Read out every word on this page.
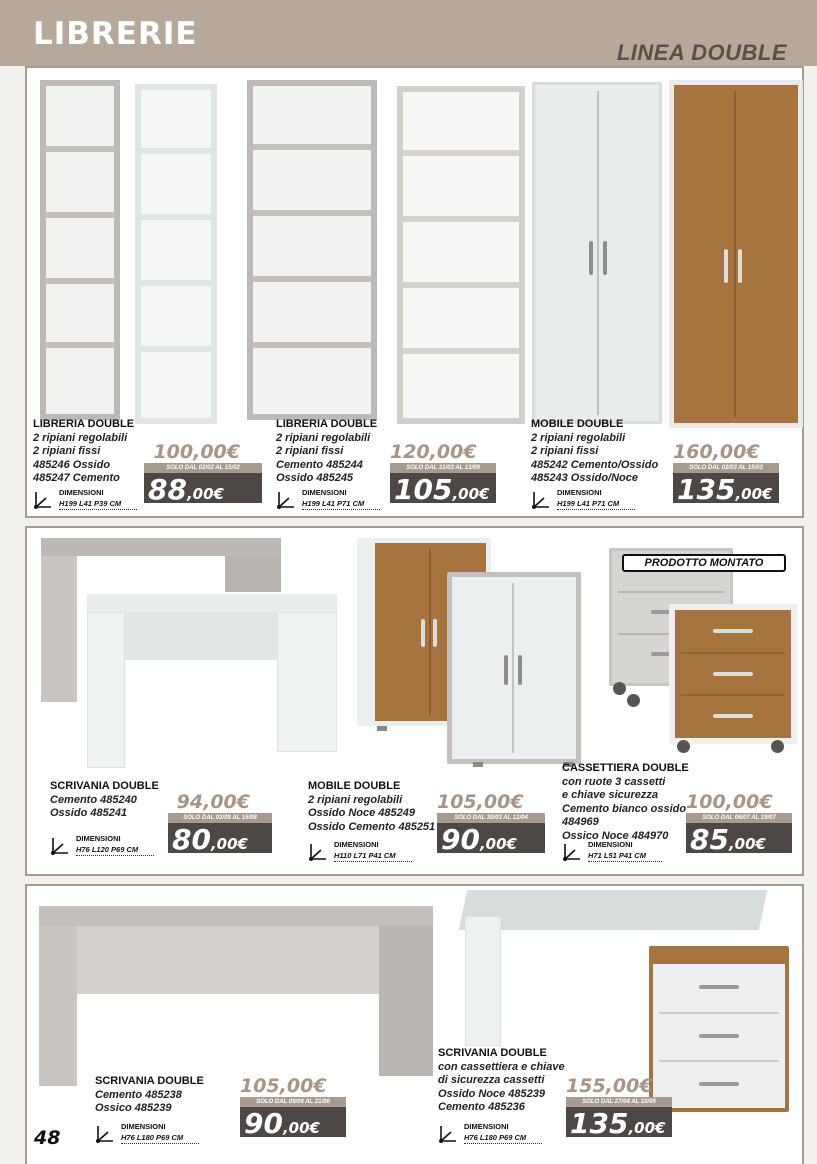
LIBRERIE
LINEA DOUBLE
LIBRERIA DOUBLE
2 ripiani regolabili
2 ripiani fissi
485246 Ossido
485247 Cemento
DIMENSIONI
H199 L41 P39 CM
100,00€
SOLO DAL 02/02 AL 15/02
88,00€
LIBRERIA DOUBLE
2 ripiani regolabili
2 ripiani fissi
Cemento 485244
Ossido 485245
DIMENSIONI
H199 L41 P71 CM
120,00€
SOLO DAL 31/03 AL 13/09
105,00€
MOBILE DOUBLE
2 ripiani regolabili
2 ripiani fissi
485242 Cemento/Ossido
485243 Ossido/Noce
DIMENSIONI
H199 L41 P71 CM
160,00€
SOLO DAL 02/03 AL 15/03
135,00€
PRODOTTO MONTATO
SCRIVANIA DOUBLE
Cemento 485240
Ossido 485241
DIMENSIONI
H76 L120 P69 CM
94,00€
SOLO DAL 02/08 AL 15/08
80,00€
MOBILE DOUBLE
2 ripiani regolabili
Ossido Noce 485249
Ossido Cemento 485251
DIMENSIONI
H110 L71 P41 CM
105,00€
SOLO DAL 30/03 AL 12/04
90,00€
CASSETTIERA DOUBLE
con ruote 3 cassetti
e chiave sicurezza
Cemento bianco ossido
484969
Ossico Noce 484970
DIMENSIONI
H71 L51 P41 CM
100,00€
SOLO DAL 06/07 AL 19/07
85,00€
SCRIVANIA DOUBLE
Cemento 485238
Ossico 485239
DIMENSIONI
H76 L180 P69 CM
105,00€
SOLO DAL 09/06 AL 21/06
90,00€
SCRIVANIA DOUBLE
con cassettiera e chiave
di sicurezza cassetti
Ossido Noce 485239
Cemento 485236
DIMENSIONI
H76 L180 P69 CM
155,00€
SOLO DAL 27/04 AL 10/05
135,00€
48
